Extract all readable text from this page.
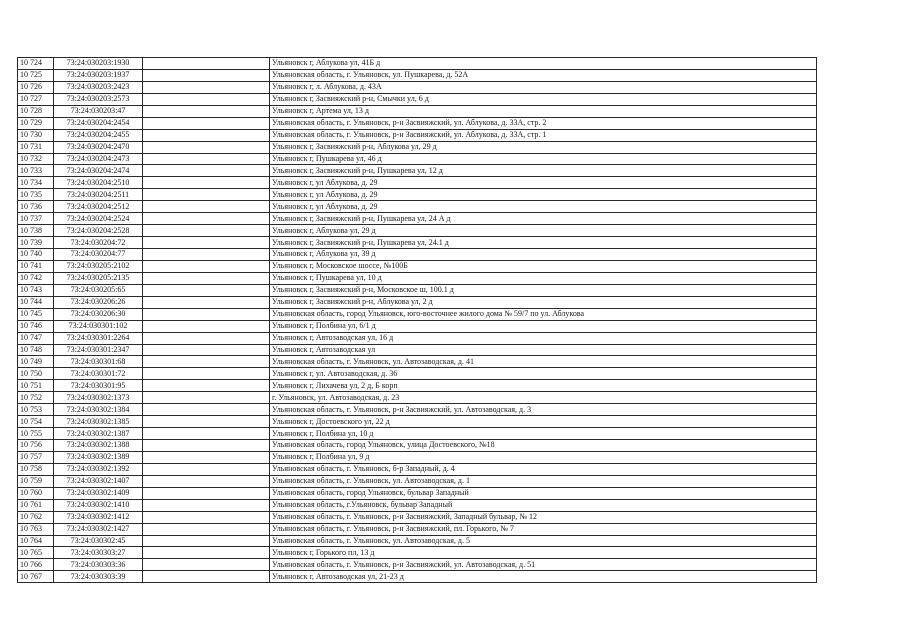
10 724	73:24:030203:1930		Ульяновск г, Аблукова ул, 41Б д
10 725	73:24:030203:1937		Ульяновская область, г. Ульяновск, ул. Пушкарева, д. 52А
10 726	73:24:030203:2423		Ульяновск г, л. Аблукова, д. 43А
10 727	73:24:030203:2573		Ульяновск г, Засвияжский р-н, Смычки ул, 6 д
10 728	73:24:030203:47		Ульяновск г, Артема ул, 13 д
10 729	73:24:030204:2454		Ульяновская область, г. Ульяновск, р-н Засвияжский, ул. Аблукова, д. 33А, стр. 2
10 730	73:24:030204:2455		Ульяновская область, г. Ульяновск, р-н Засвияжский, ул. Аблукова, д. 33А, стр. 1
10 731	73:24:030204:2470		Ульяновск г, Засвияжский р-н, Аблукова ул, 29 д
10 732	73:24:030204:2473		Ульяновск г, Пушкарева ул, 46 д
10 733	73:24:030204:2474		Ульяновск г, Засвияжский р-н, Пушкарева ул, 12 д
10 734	73:24:030204:2510		Ульяновск г, ул Аблукова, д. 29
10 735	73:24:030204:2511		Ульяновск г, ул Аблукова, д. 29
10 736	73:24:030204:2512		Ульяновск г, ул Аблукова, д. 29
10 737	73:24:030204:2524		Ульяновск г, Засвияжский р-н, Пушкарева ул, 24 А д
10 738	73:24:030204:2528		Ульяновск г, Аблукова ул, 29 д
10 739	73:24:030204:72		Ульяновск г, Засвияжский р-н, Пушкарева ул, 24.1 д
10 740	73:24:030204:77		Ульяновск г, Аблукова ул, 39 д
10 741	73:24:030205:2102		Ульяновск г, Московское шоссе, №100Б
10 742	73:24:030205:2135		Ульяновск г, Пушкарева ул, 10 д
10 743	73:24:030205:65		Ульяновск г, Засвияжский р-н, Московское ш, 100.1 д
10 744	73:24:030206:26		Ульяновск г, Засвияжский р-н, Аблукова ул, 2 д
10 745	73:24:030206:30		Ульяновская область, город Ульяновск, юго-восточнее жилого дома № 59/7 по ул. Аблукова
10 746	73:24:030301:102		Ульяновск г, Полбина ул, 6/1 д
10 747	73:24:030301:2264		Ульяновск г, Автозаводская ул, 16 д
10 748	73:24:030301:2347		Ульяновск г, Автозаводская ул
10 749	73:24:030301:68		Ульяновская область, г. Ульяновск, ул. Автозаводская, д. 41
10 750	73:24:030301:72		Ульяновск г, ул. Автозаводская, д. 36
10 751	73:24:030301:95		Ульяновск г, Лихачева ул, 2 д, Б корп
10 752	73:24:030302:1373		г. Ульяновск, ул. Автозаводская, д. 23
10 753	73:24:030302:1384		Ульяновская область, г. Ульяновск, р-н Засвияжский, ул. Автозаводская, д. 3
10 754	73:24:030302:1385		Ульяновск г, Достоевского ул, 22 д
10 755	73:24:030302:1387		Ульяновск г, Полбина ул, 10 д
10 756	73:24:030302:1388		Ульяновская область, город Ульяновск, улица Достоевского, №18
10 757	73:24:030302:1389		Ульяновск г, Полбина ул, 9 д
10 758	73:24:030302:1392		Ульяновская область, г. Ульяновск, б-р Западный, д. 4
10 759	73:24:030302:1407		Ульяновская область, г. Ульяновск, ул. Автозаводская, д. 1
10 760	73:24:030302:1409		Ульяновская область, город Ульяновск, бульвар Западный
10 761	73:24:030302:1410		Ульяновская область, г.Ульяновск, бульвар Западный
10 762	73:24:030302:1412		Ульяновская область, г. Ульяновск, р-н Засвияжский, Западный бульвар, № 12
10 763	73:24:030302:1427		Ульяновская область, г. Ульяновск, р-н Засвияжский, пл. Горького, № 7
10 764	73:24:030302:45		Ульяновская область, г. Ульяновск, ул. Автозаводская, д. 5
10 765	73:24:030303:27		Ульяновск г, Горького пл, 13 д
10 766	73:24:030303:36		Ульяновская область, г. Ульяновск, р-н Засвияжский, ул. Автозаводская, д. 51
10 767	73:24:030303:39		Ульяновск г, Автозаводская ул, 21-23 д
